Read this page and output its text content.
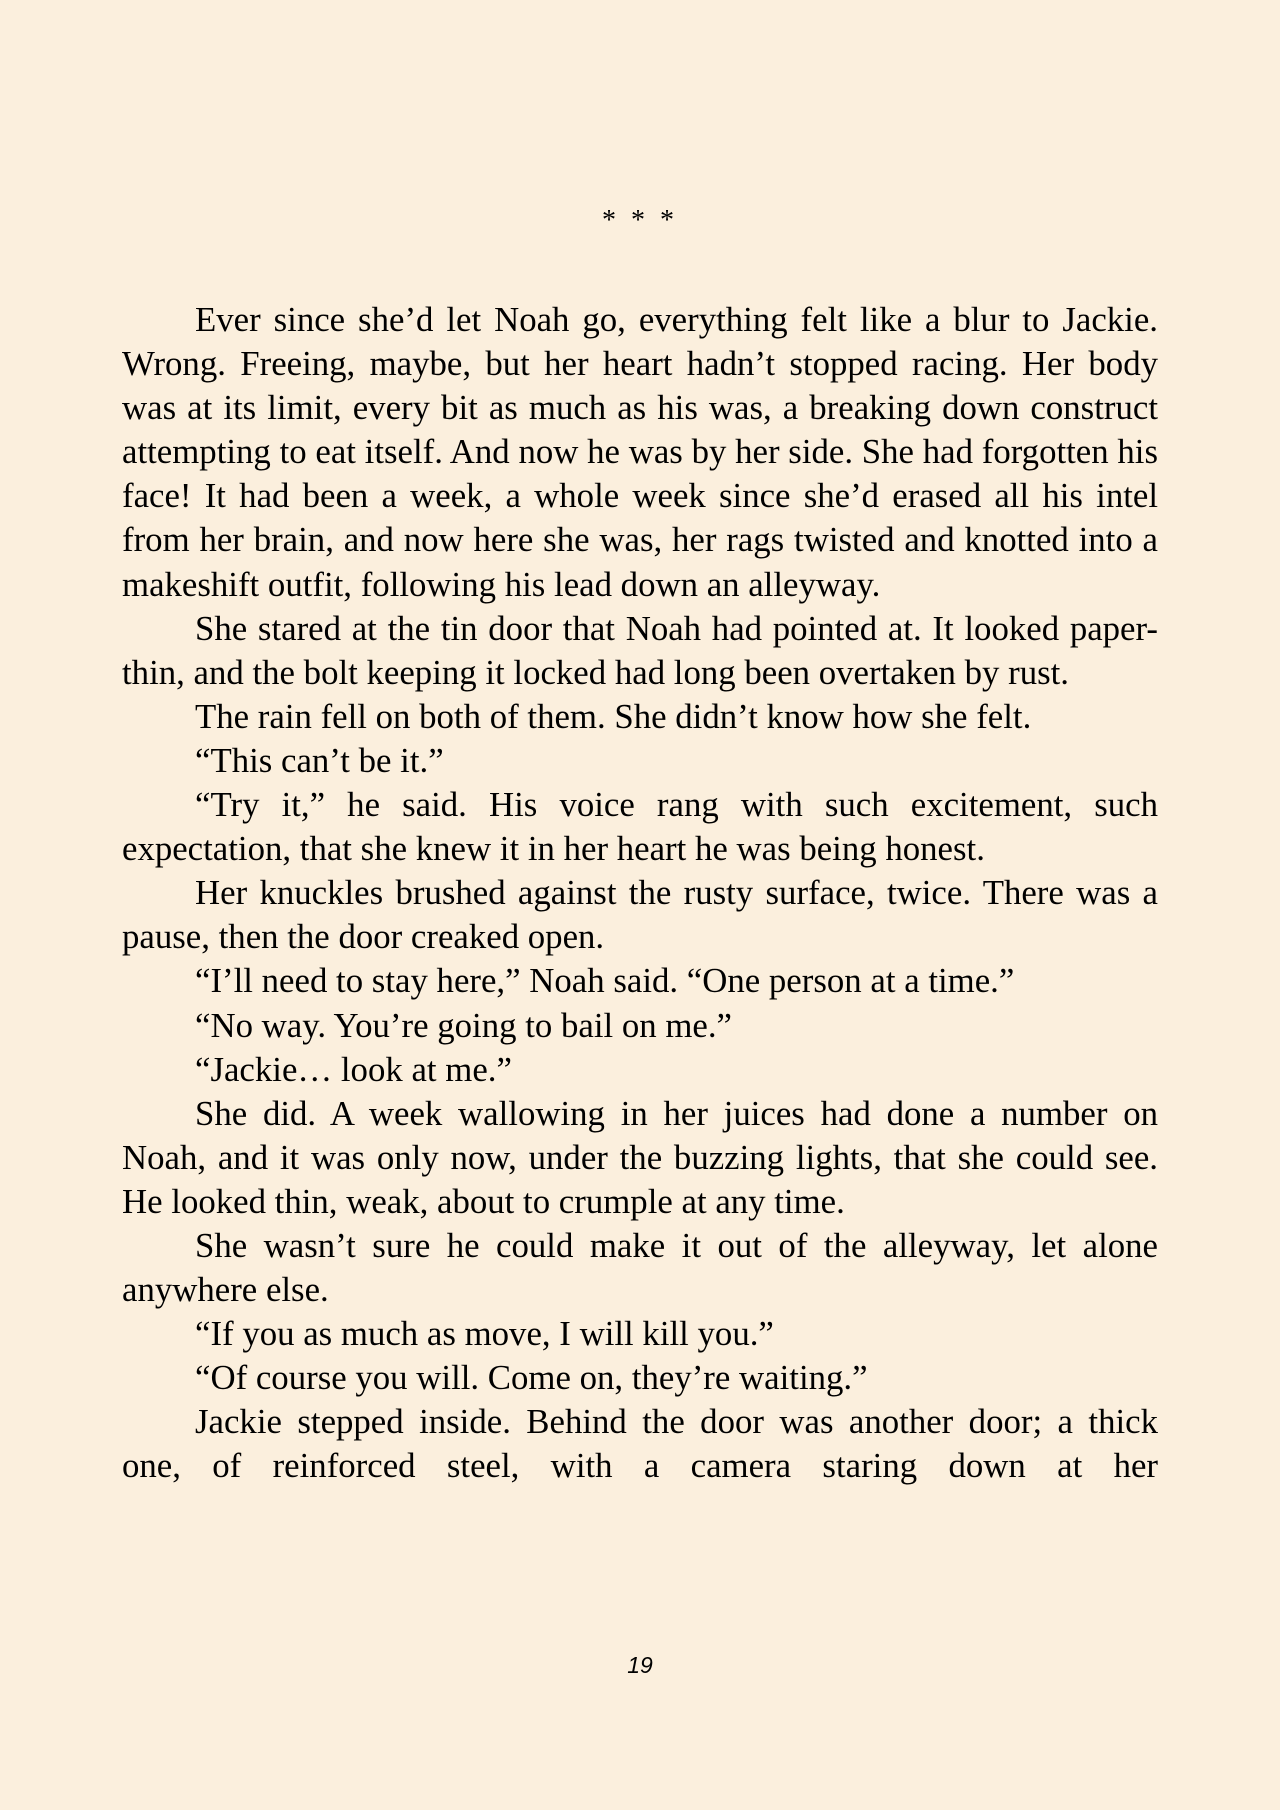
* * *

Ever since she’d let Noah go, everything felt like a blur to Jackie. Wrong. Freeing, maybe, but her heart hadn’t stopped racing. Her body was at its limit, every bit as much as his was, a breaking down construct attempting to eat itself. And now he was by her side. She had forgotten his face! It had been a week, a whole week since she’d erased all his intel from her brain, and now here she was, her rags twisted and knotted into a makeshift outfit, following his lead down an alleyway.

She stared at the tin door that Noah had pointed at. It looked paper-thin, and the bolt keeping it locked had long been overtaken by rust.

The rain fell on both of them. She didn’t know how she felt.

“This can’t be it.”

“Try it,” he said. His voice rang with such excitement, such expectation, that she knew it in her heart he was being honest.

Her knuckles brushed against the rusty surface, twice. There was a pause, then the door creaked open.

“I’ll need to stay here,” Noah said. “One person at a time.”

“No way. You’re going to bail on me.”

“Jackie… look at me.”

She did. A week wallowing in her juices had done a number on Noah, and it was only now, under the buzzing lights, that she could see. He looked thin, weak, about to crumple at any time.

She wasn’t sure he could make it out of the alleyway, let alone anywhere else.

“If you as much as move, I will kill you.”

“Of course you will. Come on, they’re waiting.”

Jackie stepped inside. Behind the door was another door; a thick one, of reinforced steel, with a camera staring down at her

19
